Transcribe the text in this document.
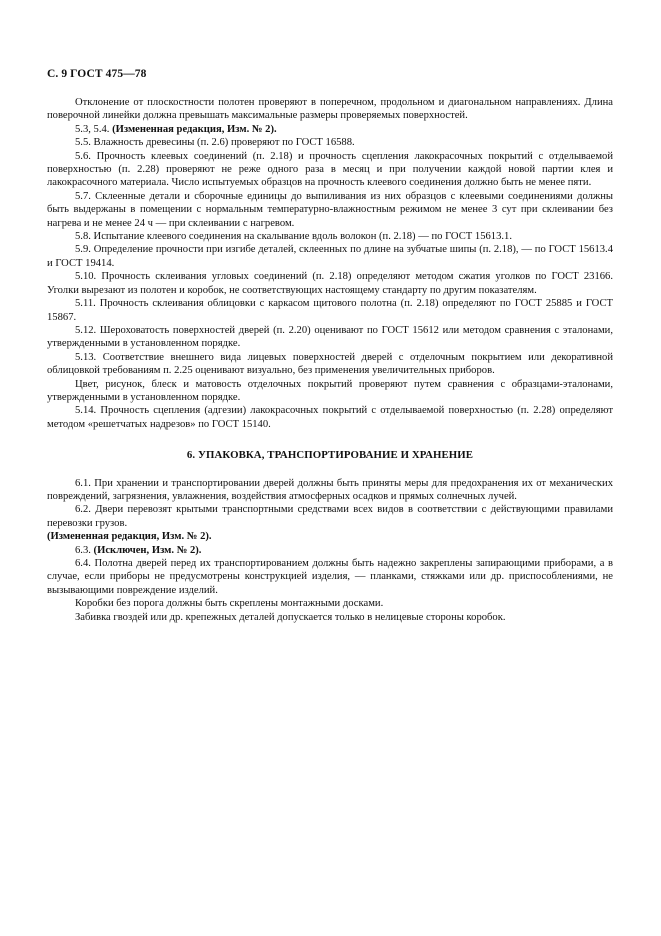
С. 9 ГОСТ 475—78

Отклонение от плоскостности полотен проверяют в поперечном, продольном и диагональном направлениях. Длина поверочной линейки должна превышать максимальные размеры проверяемых поверхностей.

5.3, 5.4. (Измененная редакция, Изм. № 2).

5.5. Влажность древесины (п. 2.6) проверяют по ГОСТ 16588.

5.6. Прочность клеевых соединений (п. 2.18) и прочность сцепления лакокрасочных покрытий с отделываемой поверхностью (п. 2.28) проверяют не реже одного раза в месяц и при получении каждой новой партии клея и лакокрасочного материала. Число испытуемых образцов на прочность клеевого соединения должно быть не менее пяти.

5.7. Склеенные детали и сборочные единицы до выпиливания из них образцов с клеевыми соединениями должны быть выдержаны в помещении с нормальным температурно-влажностным режимом не менее 3 сут при склеивании без нагрева и не менее 24 ч — при склеивании с нагревом.

5.8. Испытание клеевого соединения на скалывание вдоль волокон (п. 2.18) — по ГОСТ 15613.1.

5.9. Определение прочности при изгибе деталей, склеенных по длине на зубчатые шипы (п. 2.18), — по ГОСТ 15613.4 и ГОСТ 19414.

5.10. Прочность склеивания угловых соединений (п. 2.18) определяют методом сжатия уголков по ГОСТ 23166. Уголки вырезают из полотен и коробок, не соответствующих настоящему стандарту по другим показателям.

5.11. Прочность склеивания облицовки с каркасом щитового полотна (п. 2.18) определяют по ГОСТ 25885 и ГОСТ 15867.

5.12. Шероховатость поверхностей дверей (п. 2.20) оценивают по ГОСТ 15612 или методом сравнения с эталонами, утвержденными в установленном порядке.

5.13. Соответствие внешнего вида лицевых поверхностей дверей с отделочным покрытием или декоративной облицовкой требованиям п. 2.25 оценивают визуально, без применения увеличительных приборов.

Цвет, рисунок, блеск и матовость отделочных покрытий проверяют путем сравнения с образцами-эталонами, утвержденными в установленном порядке.

5.14. Прочность сцепления (адгезии) лакокрасочных покрытий с отделываемой поверхностью (п. 2.28) определяют методом «решетчатых надрезов» по ГОСТ 15140.

6. УПАКОВКА, ТРАНСПОРТИРОВАНИЕ И ХРАНЕНИЕ

6.1. При хранении и транспортировании дверей должны быть приняты меры для предохранения их от механических повреждений, загрязнения, увлажнения, воздействия атмосферных осадков и прямых солнечных лучей.

6.2. Двери перевозят крытыми транспортными средствами всех видов в соответствии с действующими правилами перевозки грузов.

(Измененная редакция, Изм. № 2).

6.3. (Исключен, Изм. № 2).

6.4. Полотна дверей перед их транспортированием должны быть надежно закреплены запирающими приборами, а в случае, если приборы не предусмотрены конструкцией изделия, — планками, стяжками или др. приспособлениями, не вызывающими повреждение изделий.

Коробки без порога должны быть скреплены монтажными досками.

Забивка гвоздей или др. крепежных деталей допускается только в нелицевые стороны коробок.
